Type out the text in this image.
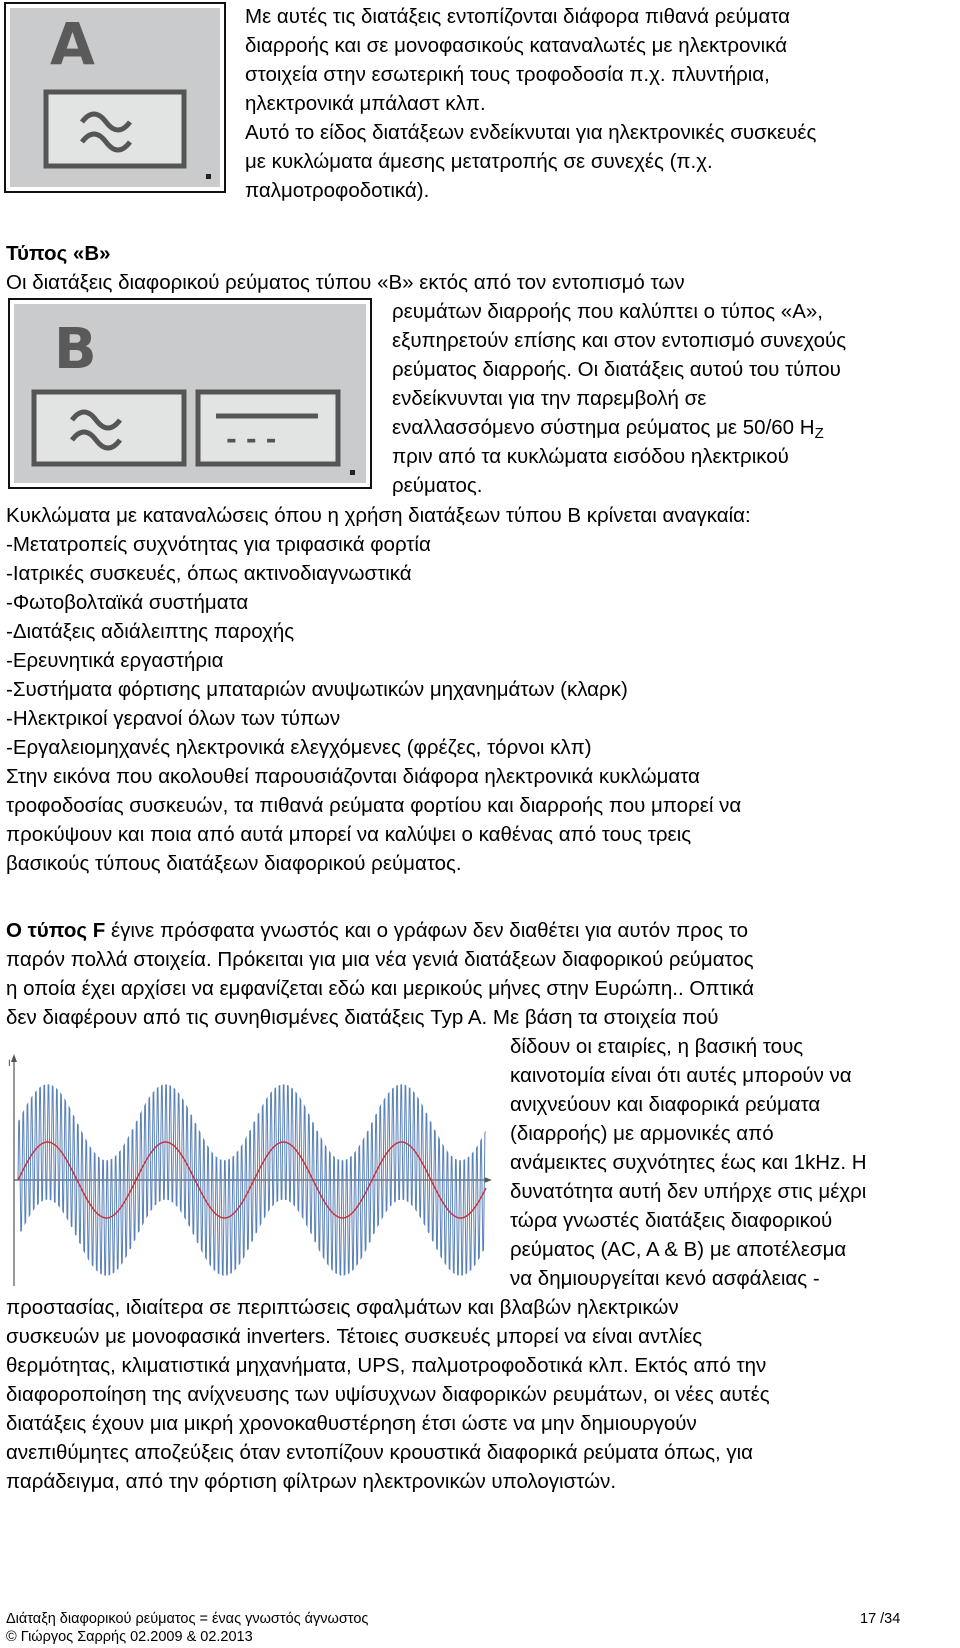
A	Με αυτές τις διατάξεις εντοπίζονται διάφορα πιθανά ρεύματα
διαρροής και σε μονοφασικούς καταναλωτές με ηλεκτρονικά
στοιχεία στην εσωτερική τους τροφοδοσία π.χ. πλυντήρια,
ηλεκτρονικά μπάλαστ κλπ.
Αυτό το είδος διατάξεων ενδείκνυται για ηλεκτρονικές συσκευές
με κυκλώματα άμεσης μετατροπής σε συνεχές (π.χ.
παλμοτροφοδοτικά).
Τύπος «B»
Οι διατάξεις διαφορικού ρεύματος τύπου «B» εκτός από τον εντοπισμό των
B
- - -
ρευμάτων διαρροής που καλύπτει ο τύπος «A»,
εξυπηρετούν επίσης και στον εντοπισμό συνεχούς
ρεύματος διαρροής. Οι διατάξεις αυτού του τύπου
ενδείκνυνται για την παρεμβολή σε
εναλλασσόμενο σύστημα ρεύματος με 50/60 HZ
πριν από τα κυκλώματα εισόδου ηλεκτρικού
ρεύματος.
Κυκλώματα με καταναλώσεις όπου η χρήση διατάξεων τύπου B κρίνεται αναγκαία:
-Μετατροπείς συχνότητας για τριφασικά φορτία
-Ιατρικές συσκευές, όπως ακτινοδιαγνωστικά
-Φωτοβολταϊκά συστήματα
-Διατάξεις αδιάλειπτης παροχής
-Ερευνητικά εργαστήρια
-Συστήματα φόρτισης μπαταριών ανυψωτικών μηχανημάτων (κλαρκ)
-Ηλεκτρικοί γερανοί όλων των τύπων
-Εργαλειομηχανές ηλεκτρονικά ελεγχόμενες (φρέζες, τόρνοι κλπ)
Στην εικόνα που ακολουθεί παρουσιάζονται διάφορα ηλεκτρονικά κυκλώματα
τροφοδοσίας συσκευών, τα πιθανά ρεύματα φορτίου και διαρροής που μπορεί να
προκύψουν και ποια από αυτά μπορεί να καλύψει ο καθένας από τους τρεις
βασικούς τύπους διατάξεων διαφορικού ρεύματος.
Ο τύπος F έγινε πρόσφατα γνωστός και ο γράφων δεν διαθέτει για αυτόν προς το
παρόν πολλά στοιχεία. Πρόκειται για μια νέα γενιά διατάξεων διαφορικού ρεύματος
η οποία έχει αρχίσει να εμφανίζεται εδώ και μερικούς μήνες στην Ευρώπη.. Οπτικά
δεν διαφέρουν από τις συνηθισμένες διατάξεις Typ A. Με βάση τα στοιχεία πού
δίδουν οι εταιρίες, η βασική τους
καινοτομία είναι ότι αυτές μπορούν να
ανιχνεύουν και διαφορικά ρεύματα
(διαρροής) με αρμονικές από
ανάμεικτες συχνότητες έως και 1kHz. Η
δυνατότητα αυτή δεν υπήρχε στις μέχρι
τώρα γνωστές διατάξεις διαφορικού
ρεύματος (AC, A & B) με αποτέλεσμα
να δημιουργείται κενό ασφάλειας -
προστασίας, ιδιαίτερα σε περιπτώσεις σφαλμάτων και βλαβών ηλεκτρικών
συσκευών με μονοφασικά inverters. Τέτοιες συσκευές μπορεί να είναι αντλίες
θερμότητας, κλιματιστικά μηχανήματα, UPS, παλμοτροφοδοτικά κλπ. Εκτός από την
διαφοροποίηση της ανίχνευσης των υψίσυχνων διαφορικών ρευμάτων, οι νέες αυτές
διατάξεις έχουν μια μικρή χρονοκαθυστέρηση έτσι ώστε να μην δημιουργούν
ανεπιθύμητες αποζεύξεις όταν εντοπίζουν κρουστικά διαφορικά ρεύματα όπως, για
παράδειγμα, από την φόρτιση φίλτρων ηλεκτρονικών υπολογιστών.
I
Διάταξη διαφορικού ρεύματος = ένας γνωστός άγνωστος	17 /34
© Γιώργος Σαρρής 02.2009 & 02.2013
